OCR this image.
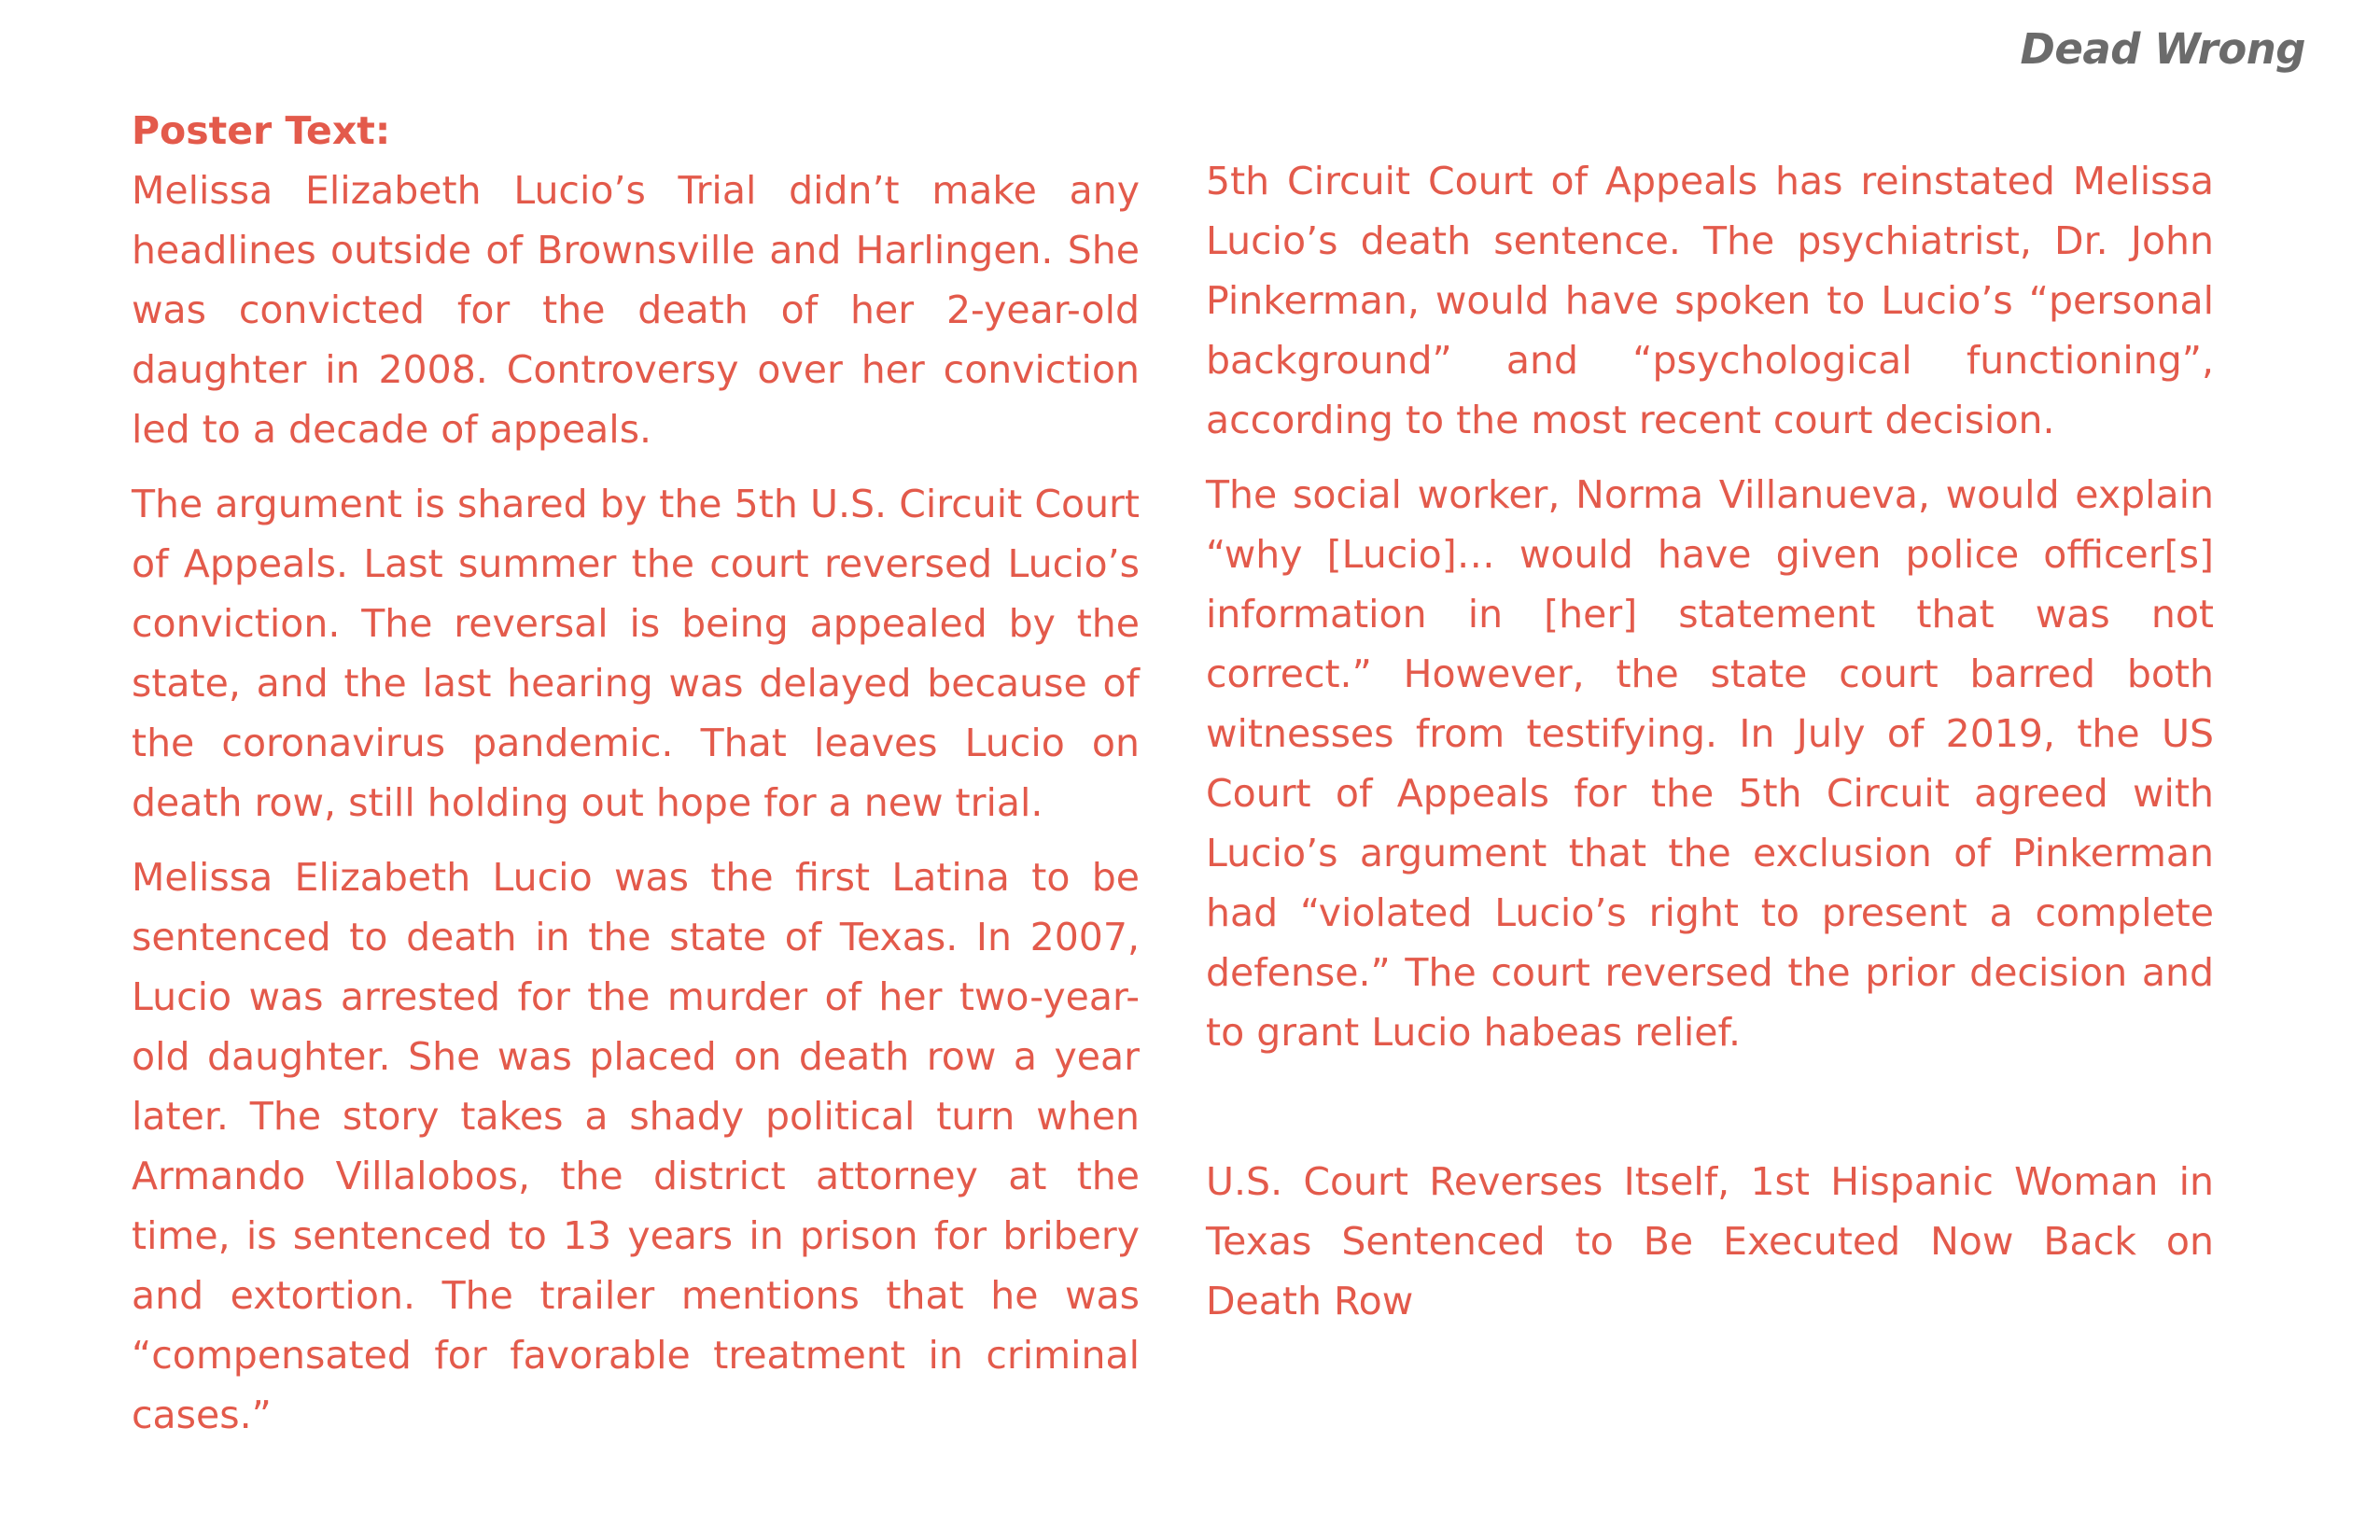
Dead Wrong

Poster Text:

Melissa Elizabeth Lucio’s Trial didn’t make any headlines outside of Brownsville and Harlingen. She was convicted for the death of her 2-year-old daughter in 2008. Controversy over her conviction led to a decade of appeals.

The argument is shared by the 5th U.S. Circuit Court of Appeals. Last summer the court reversed Lucio’s conviction. The reversal is being appealed by the state, and the last hearing was delayed because of the coronavirus pandemic. That leaves Lucio on death row, still holding out hope for a new trial.

Melissa Elizabeth Lucio was the first Latina to be sentenced to death in the state of Texas. In 2007, Lucio was arrested for the murder of her two-year-old daughter. She was placed on death row a year later. The story takes a shady political turn when Armando Villalobos, the district attorney at the time, is sentenced to 13 years in prison for bribery and extortion. The trailer mentions that he was “compensated for favorable treatment in criminal cases.”

5th Circuit Court of Appeals has reinstated Melissa Lucio’s death sentence. The psychiatrist, Dr. John Pinkerman, would have spoken to Lucio’s “personal background” and “psychological functioning”, according to the most recent court decision.

The social worker, Norma Villanueva, would explain “why [Lucio]… would have given police officer[s] information in [her] statement that was not correct.” However, the state court barred both witnesses from testifying. In July of 2019, the US Court of Appeals for the 5th Circuit agreed with Lucio’s argument that the exclusion of Pinkerman had “violated Lucio’s right to present a complete defense.” The court reversed the prior decision and to grant Lucio habeas relief.

U.S. Court Reverses Itself, 1st Hispanic Woman in Texas Sentenced to Be Executed Now Back on Death Row
